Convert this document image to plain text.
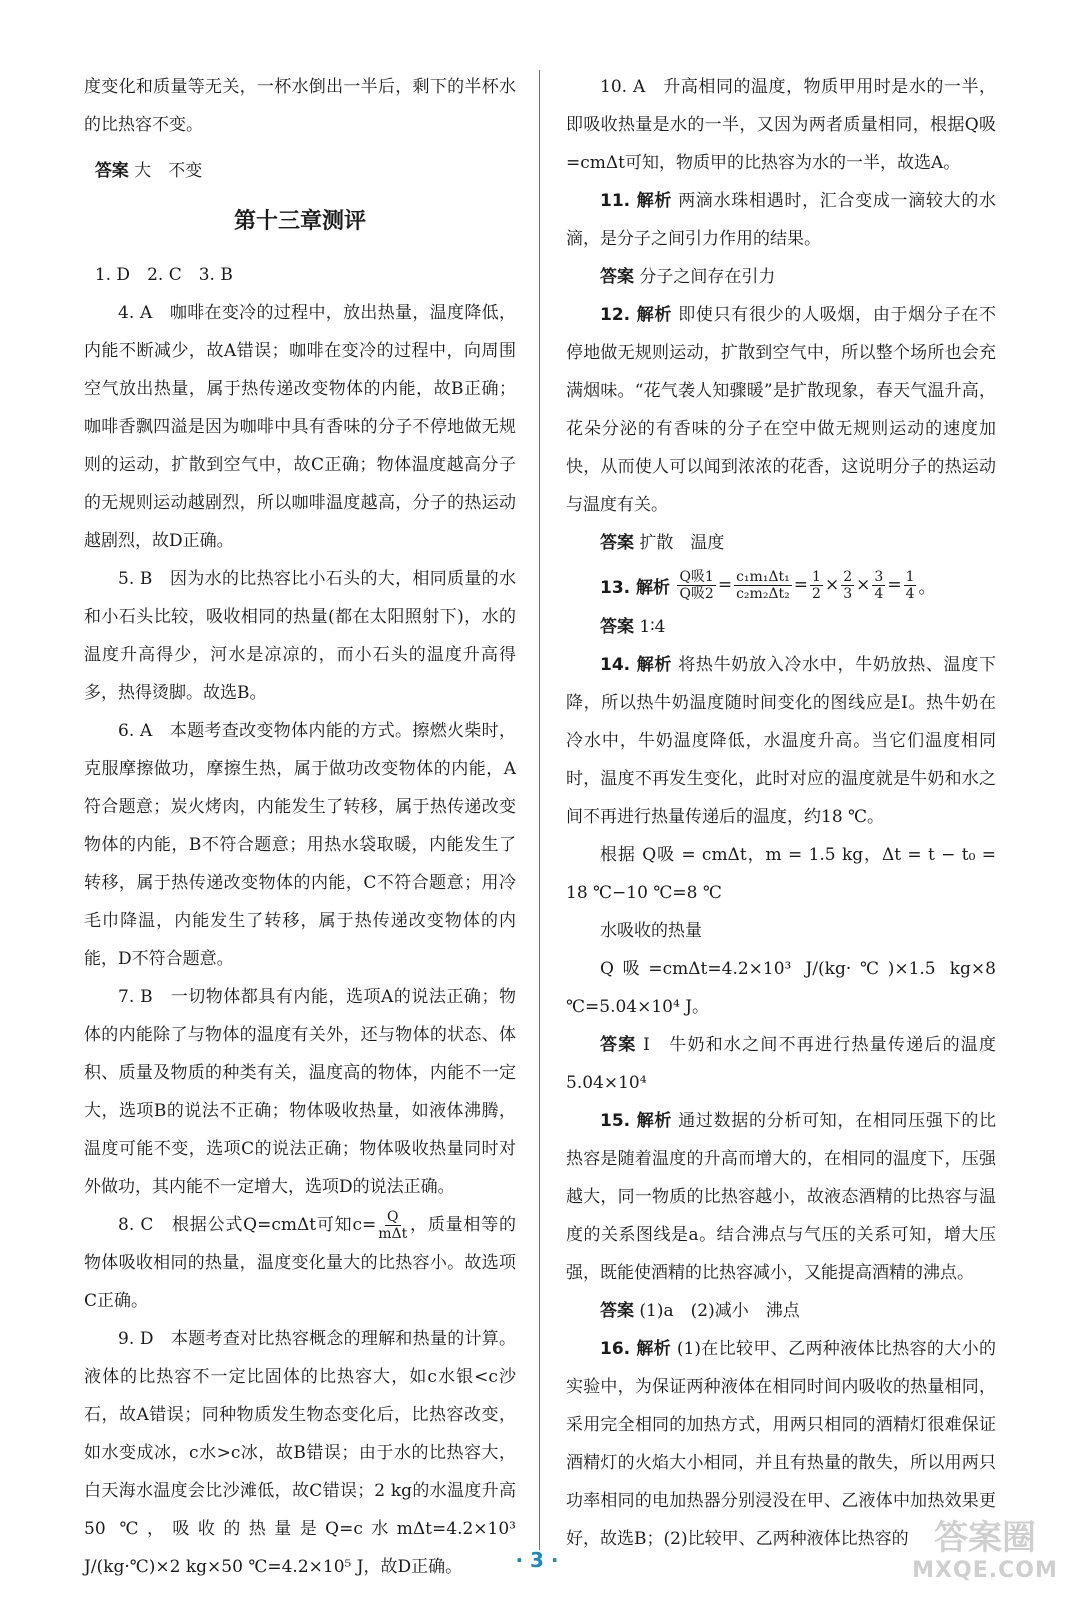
度变化和质量等无关，一杯水倒出一半后，剩下的半杯水的比热容不变。

答案 大　不变

第十三章测评

1. D　2. C　3. B

4. A　咖啡在变冷的过程中，放出热量，温度降低，内能不断减少，故A错误；咖啡在变冷的过程中，向周围空气放出热量，属于热传递改变物体的内能，故B正确；咖啡香飘四溢是因为咖啡中具有香味的分子不停地做无规则的运动，扩散到空气中，故C正确；物体温度越高分子的无规则运动越剧烈，所以咖啡温度越高，分子的热运动越剧烈，故D正确。

5. B　因为水的比热容比小石头的大，相同质量的水和小石头比较，吸收相同的热量(都在太阳照射下)，水的温度升高得少，河水是凉凉的，而小石头的温度升高得多，热得烫脚。故选B。

6. A　本题考查改变物体内能的方式。擦燃火柴时，克服摩擦做功，摩擦生热，属于做功改变物体的内能，A符合题意；炭火烤肉，内能发生了转移，属于热传递改变物体的内能，B不符合题意；用热水袋取暖，内能发生了转移，属于热传递改变物体的内能，C不符合题意；用冷毛巾降温，内能发生了转移，属于热传递改变物体的内能，D不符合题意。

7. B　一切物体都具有内能，选项A的说法正确；物体的内能除了与物体的温度有关外，还与物体的状态、体积、质量及物质的种类有关，温度高的物体，内能不一定大，选项B的说法不正确；物体吸收热量，如液体沸腾，温度可能不变，选项C的说法正确；物体吸收热量同时对外做功，其内能不一定增大，选项D的说法正确。

8. C　根据公式Q=cmΔt可知$c= \frac{Q}{\text{mΔt}}$ ，质量相等的物体吸收相同的热量，温度变化量大的比热容小。故选项C正确。

9. D　本题考查对比热容概念的理解和热量的计算。液体的比热容不一定比固体的比热容大，如c水银<c沙石，故A错误；同种物质发生物态变化后，比热容改变，如水变成冰，c水>c冰，故B错误；由于水的比热容大，白天海水温度会比沙滩低，故C错误；2 kg的水温度升高50 ℃，吸收的热量是Q=c水mΔt=4.2×10³ J/(kg·℃)×2 kg×50 ℃=4.2×10⁵ J，故D正确。

10. A　升高相同的温度，物质甲用时是水的一半，即吸收热量是水的一半，又因为两者质量相同，根据Q吸=cmΔt可知，物质甲的比热容为水的一半，故选A。

11. 解析 两滴水珠相遇时，汇合变成一滴较大的水滴，是分子之间引力作用的结果。

答案 分子之间存在引力

12. 解析 即使只有很少的人吸烟，由于烟分子在不停地做无规则运动，扩散到空气中，所以整个场所也会充满烟味。“花气袭人知骤暖”是扩散现象，春天气温升高，花朵分泌的有香味的分子在空中做无规则运动的速度加快，从而使人可以闻到浓浓的花香，这说明分子的热运动与温度有关。

答案 扩散　温度

13. 解析
$\frac{\text{Q吸1}}{\text{Q吸2}} = \frac{\text{c₁m₁Δt₁}}{\text{c₂m₂Δt₂}} = \frac{1}{2} \times \frac{2}{3} \times \frac{3}{4} = \frac{1}{4}$ 。

答案 1∶4

14. 解析 将热牛奶放入冷水中，牛奶放热、温度下降，所以热牛奶温度随时间变化的图线应是Ⅰ。热牛奶在冷水中，牛奶温度降低，水温度升高。当它们温度相同时，温度不再发生变化，此时对应的温度就是牛奶和水之间不再进行热量传递后的温度，约18 ℃。

根据 Q吸 = cmΔt，m = 1.5 kg，Δt = t − t₀ = 18 ℃−10 ℃=8 ℃

水吸收的热量

Q吸=cmΔt=4.2×10³ J/(kg·℃)×1.5 kg×8 ℃=5.04×10⁴ J。

答案 Ⅰ　牛奶和水之间不再进行热量传递后的温度　5.04×10⁴

15. 解析 通过数据的分析可知，在相同压强下的比热容是随着温度的升高而增大的，在相同的温度下，压强越大，同一物质的比热容越小，故液态酒精的比热容与温度的关系图线是a。结合沸点与气压的关系可知，增大压强，既能使酒精的比热容减小，又能提高酒精的沸点。

答案 (1)a　(2)减小　沸点

16. 解析 (1)在比较甲、乙两种液体比热容的大小的实验中，为保证两种液体在相同时间内吸收的热量相同，采用完全相同的加热方式，用两只相同的酒精灯很难保证酒精灯的火焰大小相同，并且有热量的散失，所以用两只功率相同的电加热器分别浸没在甲、乙液体中加热效果更好，故选B；(2)比较甲、乙两种液体比热容的

· 3 ·
答案圈
MXQE.COM
